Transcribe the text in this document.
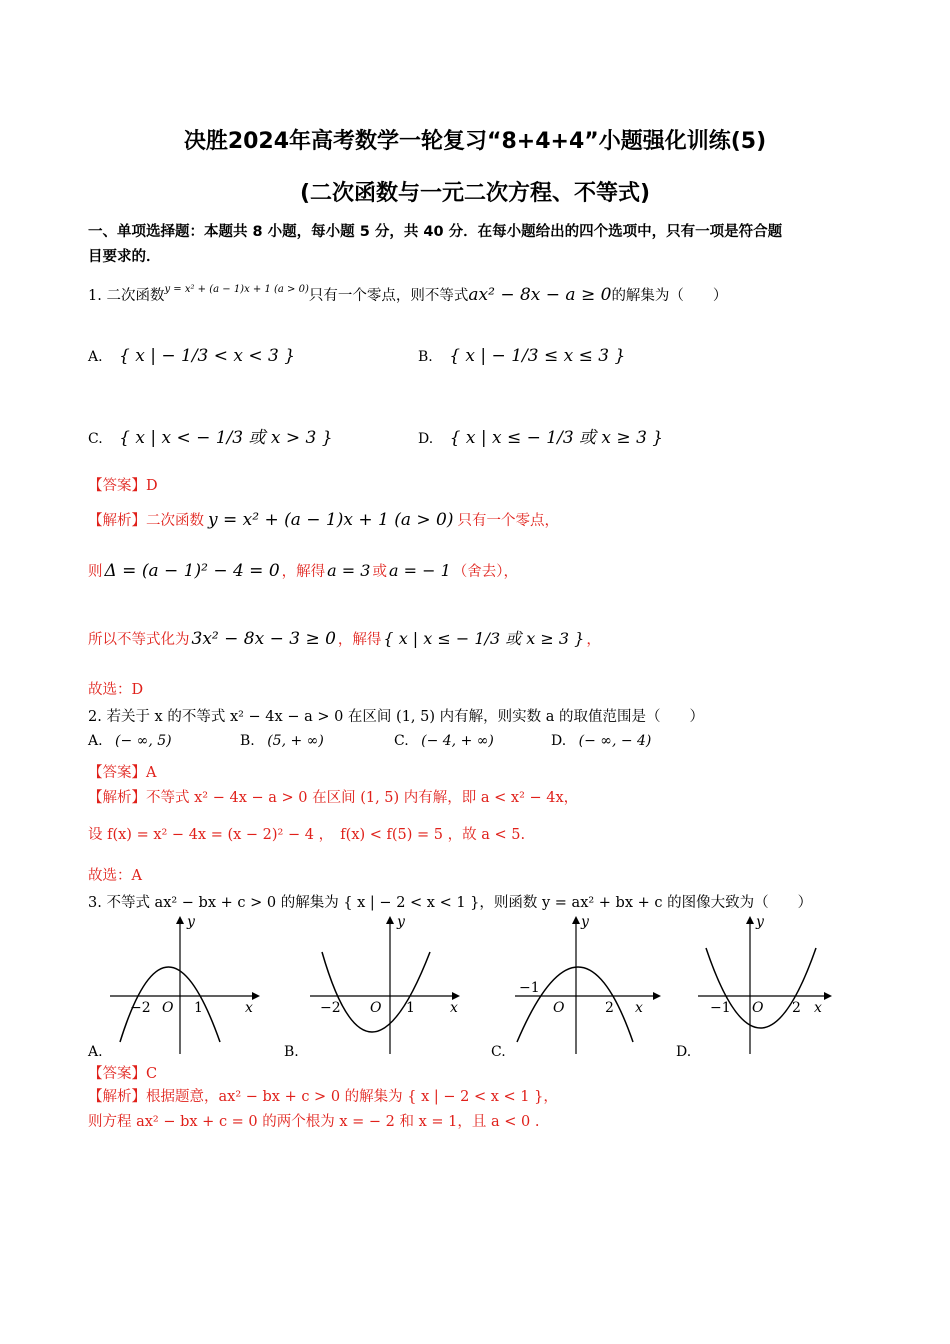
决胜2024年高考数学一轮复习“8+4+4”小题强化训练(5)
(二次函数与一元二次方程、不等式)
一、单项选择题：本题共 8 小题，每小题 5 分，共 40 分．在每小题给出的四个选项中，只有一项是符合题
目要求的．
1. 二次函数$^{y = x^2 + (a - 1)x + 1 (a > 0)}$只有一个零点，则不等式ax² − 8x − a ≥ 0的解集为（　　）
A. { x | − 1/3 < x < 3 }	B. { x | − 1/3 ≤ x ≤ 3 }
C. { x | x < − 1/3 或 x > 3 }	D. { x | x ≤ − 1/3 或 x ≥ 3 }
【答案】D
【解析】二次函数 y = x² + (a − 1)x + 1 (a > 0) 只有一个零点，
则 Δ = (a − 1)² − 4 = 0 ，解得 a = 3 或 a = − 1 （舍去），
所以不等式化为 3x² − 8x − 3 ≥ 0 ，解得 { x | x ≤ − 1/3 或 x ≥ 3 } ，
故选：D
2. 若关于 x 的不等式 x² − 4x − a > 0 在区间 (1, 5) 内有解，则实数 a 的取值范围是（　　）
A. (− ∞, 5)	B. (5, + ∞)	C. (− 4, + ∞)	D. (− ∞, − 4)
【答案】A
【解析】不等式 x² − 4x − a > 0 在区间 (1, 5) 内有解，即 a < x² − 4x，
设 f(x) = x² − 4x = (x − 2)² − 4 ，　f(x) < f(5) = 5 ，故 a < 5.
故选：A
3. 不等式 ax² − bx + c > 0 的解集为 { x | − 2 < x < 1 }，则函数 y = ax² + bx + c 的图像大致为（　　）
−2 O 1	x
y
A.
−2 O 1	x
y
B.
−1
O	2 x
y
C.
−1 O 2 x
y
D.
【答案】C
【解析】根据题意，ax² − bx + c > 0 的解集为 { x | − 2 < x < 1 }，
则方程 ax² − bx + c = 0 的两个根为 x = − 2 和 x = 1，且 a < 0 .
